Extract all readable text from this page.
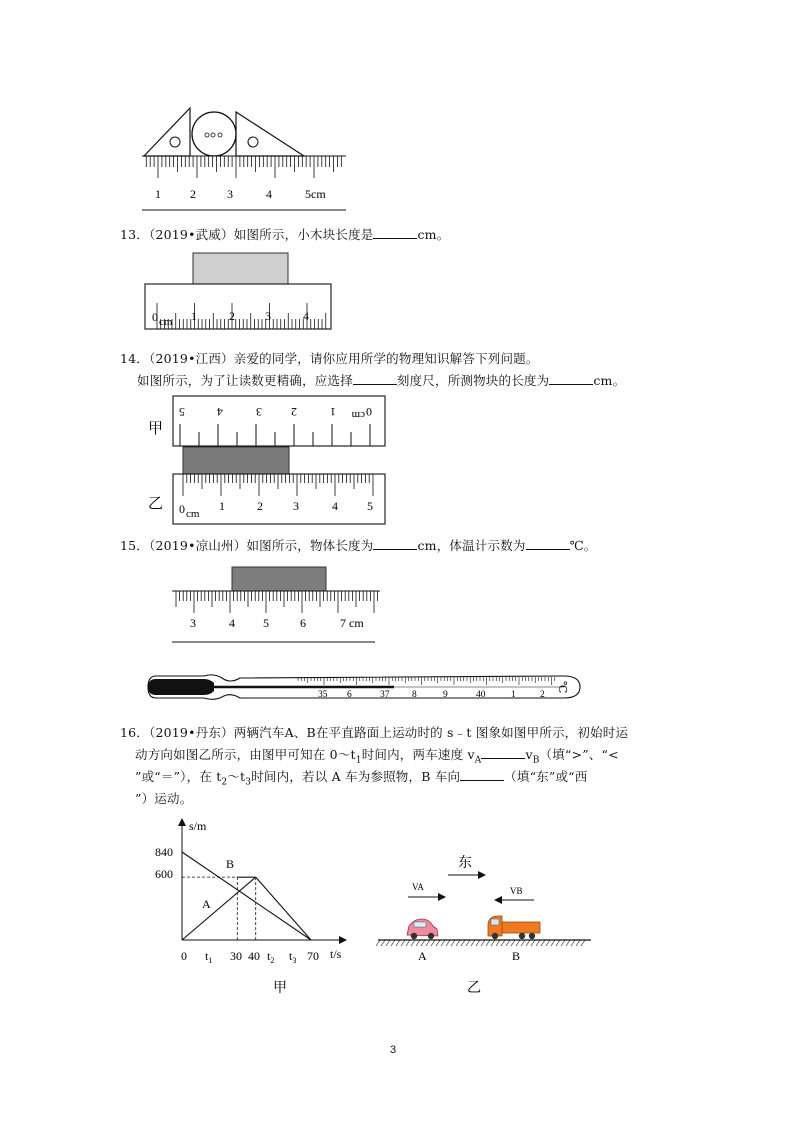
1 2	3	4	5cm
13．（2019•武威）如图所示，小木块长度是	cm。
0 cm 1	2	3	4
14．（2019•江西）亲爱的同学，请你应用所学的物理知识解答下列问题。
如图所示，为了让读数更精确，应选择	刻度尺，所测物块的长度为	cm。
甲
乙
5	4	3 2	1	0
cm
0 cm
1	2	3	4 5
15．（2019•凉山州）如图所示，物体长度为	cm，体温计示数为	℃。
3	4 5	6	7 cm
35 6	37 8	9	40	1	2
℃
16．（2019•丹东）两辆汽车A、B在平直路面上运动时的 s﹣t 图象如图甲所示，初始时运
动方向如图乙所示，由图甲可知在 $0\sim t_1$时间内，两车速度 $v_A$	$v_B$（填“>”、“<
”或“＝”），在 $t_2\sim t_3$时间内，若以 A 车为参照物，B 车向	（填“东”或“西
”）运动。
s/m
t/s
840
600
A
B
0 $t_1$ 30 40 $t_2$ $t_3$ 70
甲
东
VA	VB
A	B
乙
3
